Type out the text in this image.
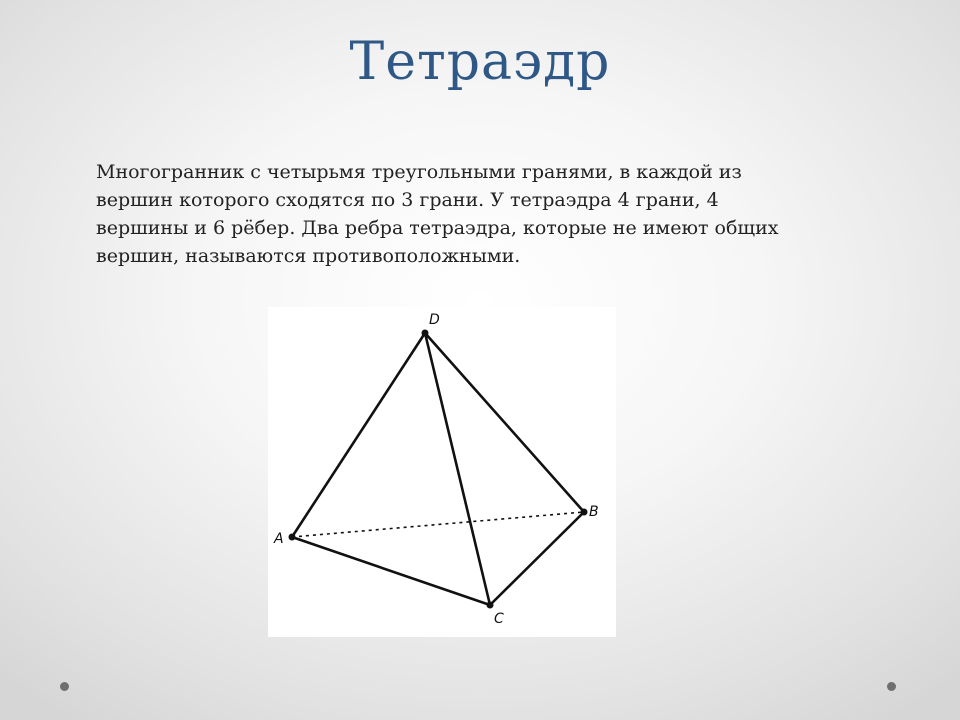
Тетраэдр
Многогранник с четырьмя треугольными гранями, в каждой из
вершин которого сходятся по 3 грани. У тетраэдра 4 грани, 4
вершины и 6 рёбер. Два ребра тетраэдра, которые не имеют общих
вершин, называются противоположными.
D
A
B
C
